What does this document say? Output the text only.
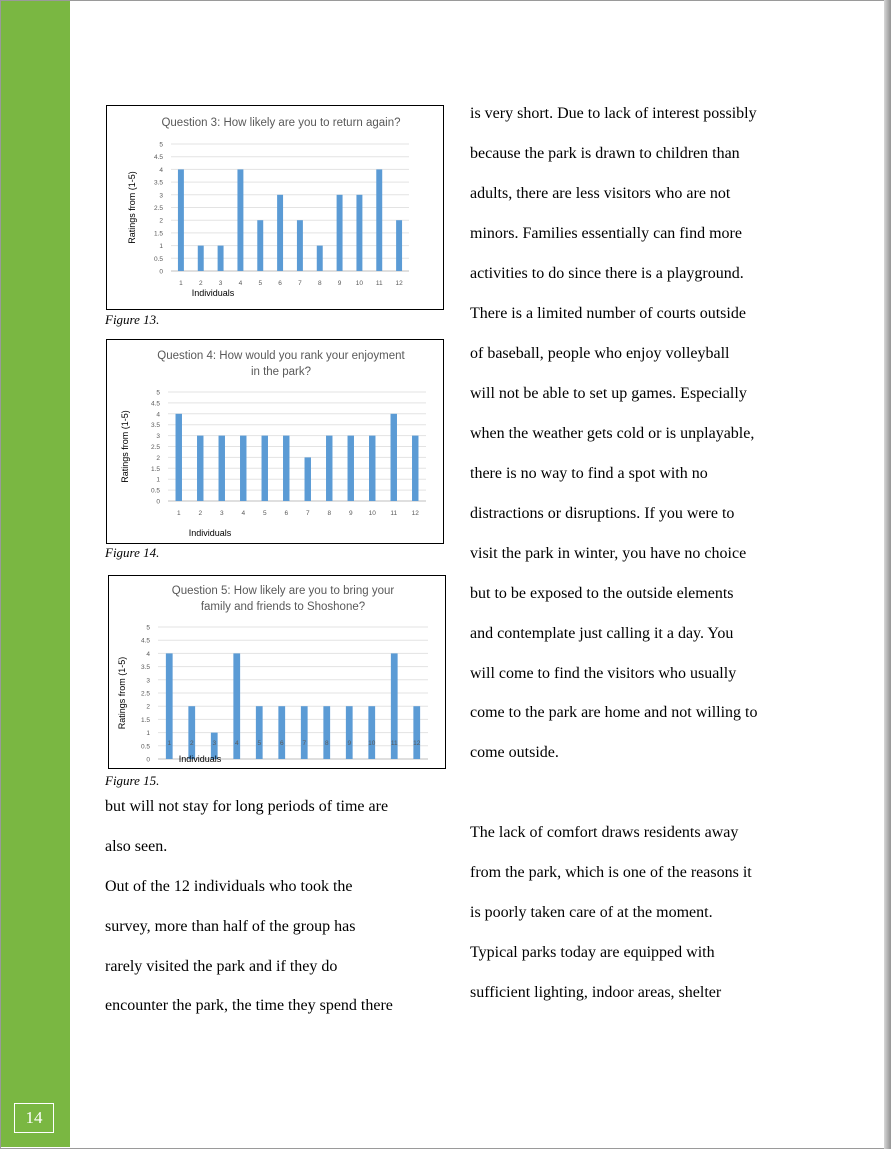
14
Question 3: How likely are you to return again?
0
0.5
1
1.5
2
2.5
3
3.5
4
4.5
5
1 2 3 4 5 6 7 8 9 10 11 12
Individuals
Ratings from (1-5)
Figure 13.
Question 4: How would you rank your enjoyment
in the park?
0
0.5
1
1.5
2
2.5
3
3.5
4
4.5
5
1	2	3	4	5	6	7	8	9 10 11 12
Individuals
Ratings from (1-5)
Figure 14.
Question 5: How likely are you to bring your
family and friends to Shoshone?
0
0.5
1
1.5
2
2.5
3
3.5
4
4.5
5
1	2	3	4	5	6	7	8	9	10 11 12
Individuals
Ratings from (1-5)
Figure 15.
but will not stay for long periods of time are
also seen.
Out of the 12 individuals who took the
survey, more than half of the group has
rarely visited the park and if they do
encounter the park, the time they spend there
is very short. Due to lack of interest possibly
because the park is drawn to children than
adults, there are less visitors who are not
minors. Families essentially can find more
activities to do since there is a playground.
There is a limited number of courts outside
of baseball, people who enjoy volleyball
will not be able to set up games. Especially
when the weather gets cold or is unplayable,
there is no way to find a spot with no
distractions or disruptions. If you were to
visit the park in winter, you have no choice
but to be exposed to the outside elements
and contemplate just calling it a day. You
will come to find the visitors who usually
come to the park are home and not willing to
come outside.
The lack of comfort draws residents away
from the park, which is one of the reasons it
is poorly taken care of at the moment.
Typical parks today are equipped with
sufficient lighting, indoor areas, shelter
